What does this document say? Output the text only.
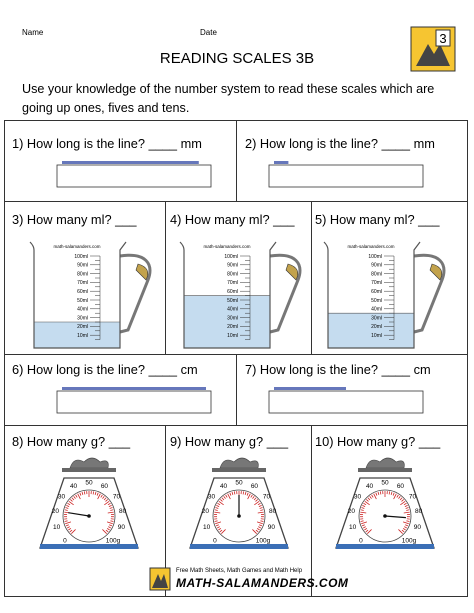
Name	Date
READING SCALES 3B
3
Use your knowledge of the number system to read these scales which are going up ones, fives and tens.
1) How long is the line? ____ mm	2) How long is the line? ____ mm
3) How many ml? ___	4) How many ml? ___ 5) How many ml? ___
6) How long is the line? ____ cm	7) How long is the line? ____ cm
8) How many g? ___	9) How many g? ___ 10) How many g? ___
math-salamanders.com
100ml
90ml
80ml
70ml
60ml
50ml
40ml
30ml
20ml
10ml
math-salamanders.com
100ml
90ml
80ml
70ml
60ml
50ml
40ml
30ml
20ml
10ml
math-salamanders.com
100ml
90ml
80ml
70ml
60ml
50ml
40ml
30ml
20ml
10ml
0
10
20
30
40
50
60
70
80
90
100g	0
10
20
30
40
50
60
70
80
90
100g	0
10
20
30
40
50
60
70
80
90
100g
Free Math Sheets, Math Games and Math Help
MATH-SALAMANDERS.COM
